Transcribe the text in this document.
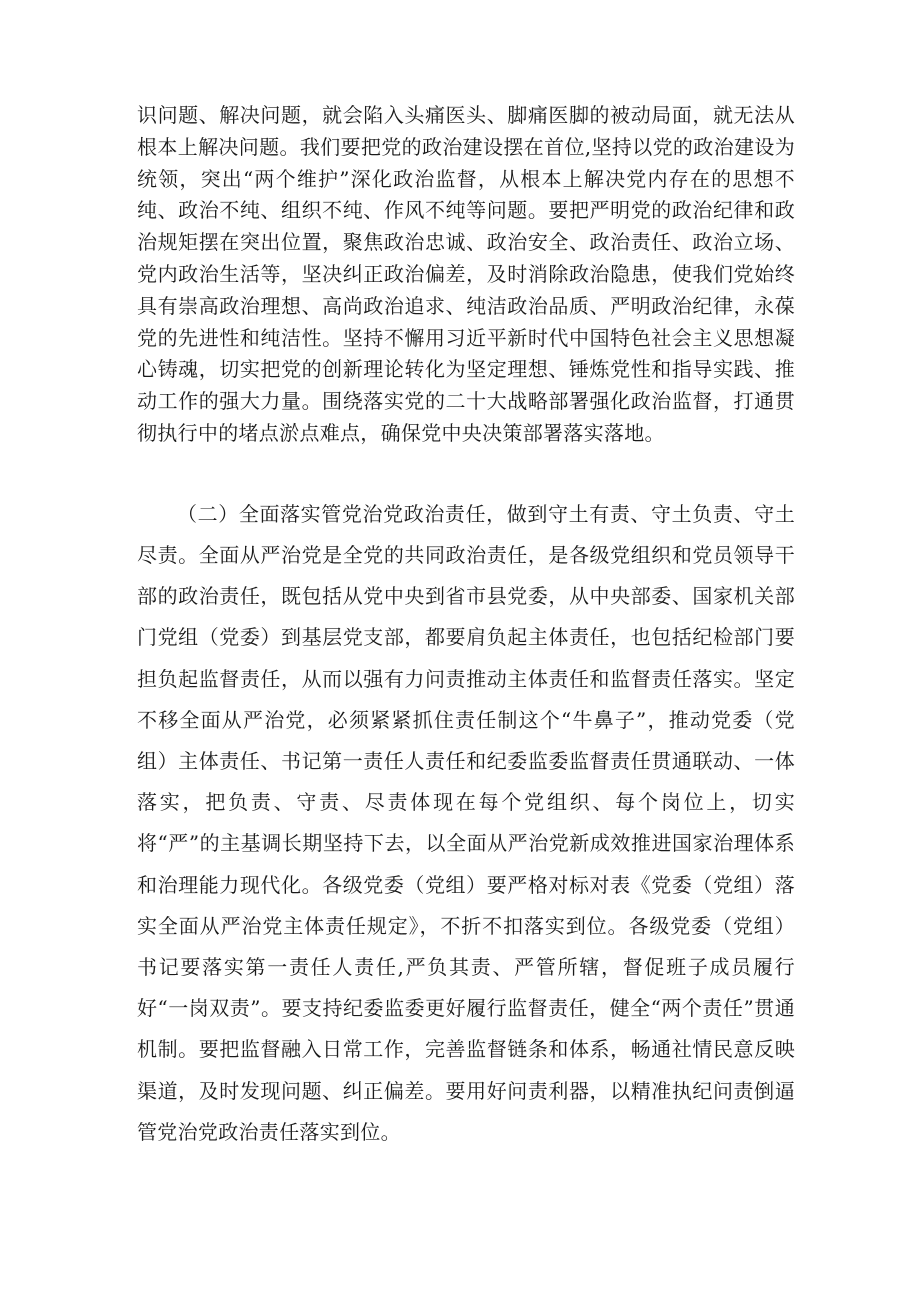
识问题、解决问题，就会陷入头痛医头、脚痛医脚的被动局面，就无法从根本上解决问题。我们要把党的政治建设摆在首位,坚持以党的政治建设为统领，突出“两个维护”深化政治监督，从根本上解决党内存在的思想不纯、政治不纯、组织不纯、作风不纯等问题。要把严明党的政治纪律和政治规矩摆在突出位置，聚焦政治忠诚、政治安全、政治责任、政治立场、党内政治生活等，坚决纠正政治偏差，及时消除政治隐患，使我们党始终具有崇高政治理想、高尚政治追求、纯洁政治品质、严明政治纪律，永葆党的先进性和纯洁性。坚持不懈用习近平新时代中国特色社会主义思想凝心铸魂，切实把党的创新理论转化为坚定理想、锤炼党性和指导实践、推动工作的强大力量。围绕落实党的二十大战略部署强化政治监督，打通贯彻执行中的堵点淤点难点，确保党中央决策部署落实落地。

（二）全面落实管党治党政治责任，做到守土有责、守土负责、守土尽责。全面从严治党是全党的共同政治责任，是各级党组织和党员领导干部的政治责任，既包括从党中央到省市县党委，从中央部委、国家机关部门党组（党委）到基层党支部，都要肩负起主体责任，也包括纪检部门要担负起监督责任，从而以强有力问责推动主体责任和监督责任落实。坚定不移全面从严治党，必须紧紧抓住责任制这个“牛鼻子”，推动党委（党组）主体责任、书记第一责任人责任和纪委监委监督责任贯通联动、一体落实，把负责、守责、尽责体现在每个党组织、每个岗位上，切实将“严”的主基调长期坚持下去，以全面从严治党新成效推进国家治理体系和治理能力现代化。各级党委（党组）要严格对标对表《党委（党组）落实全面从严治党主体责任规定》，不折不扣落实到位。各级党委（党组）书记要落实第一责任人责任,严负其责、严管所辖，督促班子成员履行好“一岗双责”。要支持纪委监委更好履行监督责任，健全“两个责任”贯通机制。要把监督融入日常工作，完善监督链条和体系，畅通社情民意反映渠道，及时发现问题、纠正偏差。要用好问责利器，以精准执纪问责倒逼管党治党政治责任落实到位。
